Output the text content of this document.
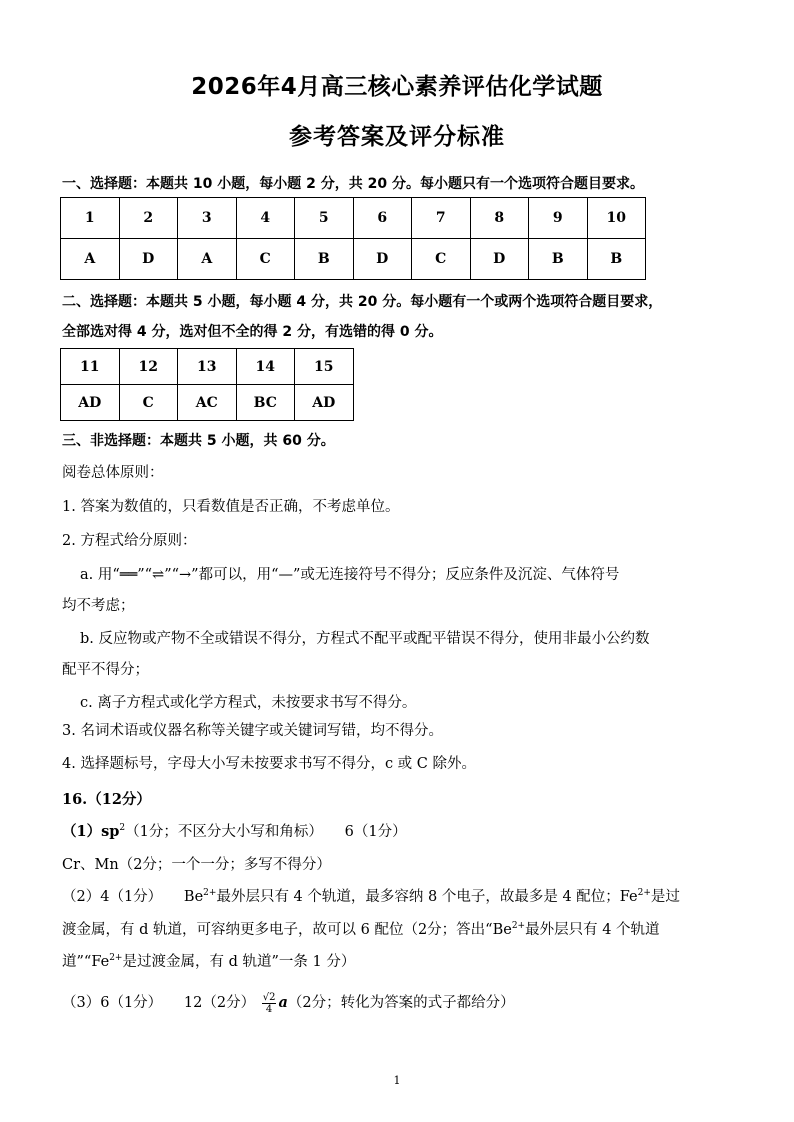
2026年4月高三核心素养评估化学试题
参考答案及评分标准
一、选择题：本题共 10 小题，每小题 2 分，共 20 分。每小题只有一个选项符合题目要求。
1	2	3	4	5	6	7	8	9	10
A	D	A	C	B	D	C	D	B	B
二、选择题：本题共 5 小题，每小题 4 分，共 20 分。每小题有一个或两个选项符合题目要求，
全部选对得 4 分，选对但不全的得 2 分，有选错的得 0 分。
11	12	13	14	15
AD	C	AC	BC	AD
三、非选择题：本题共 5 小题，共 60 分。
阅卷总体原则：
1. 答案为数值的，只看数值是否正确，不考虑单位。
2. 方程式给分原则：
a. 用“══”“⇌”“→”都可以，用“—”或无连接符号不得分；反应条件及沉淀、气体符号
均不考虑；
b. 反应物或产物不全或错误不得分，方程式不配平或配平错误不得分，使用非最小公约数
配平不得分；
c. 离子方程式或化学方程式，未按要求书写不得分。
3. 名词术语或仪器名称等关键字或关键词写错，均不得分。
4. 选择题标号，字母大小写未按要求书写不得分，c 或 C 除外。
16.（12分）
$(1)sp^2(1$分；不区分大小写和角标）　　6（1分）
Cr、Mn（2分；一个一分；多写不得分）
（2）4（1分）　　$Be^{2+}$最外层只有 4 个轨道，最多容纳 8 个电子，故最多是 4 配位；$Fe^{2+}$是过
渡金属，有 d 轨道，可容纳更多电子，故可以 6 配位（2分；答出“$Be^{2+}$最外层只有 4 个轨道
道$”“Fe^{2+}$是过渡金属，有 d 轨道”一条 1 分）
（3）6（1分）　　12（2分） $\frac{√2}{4} a(2$分；转化为答案的式子都给分）
1
